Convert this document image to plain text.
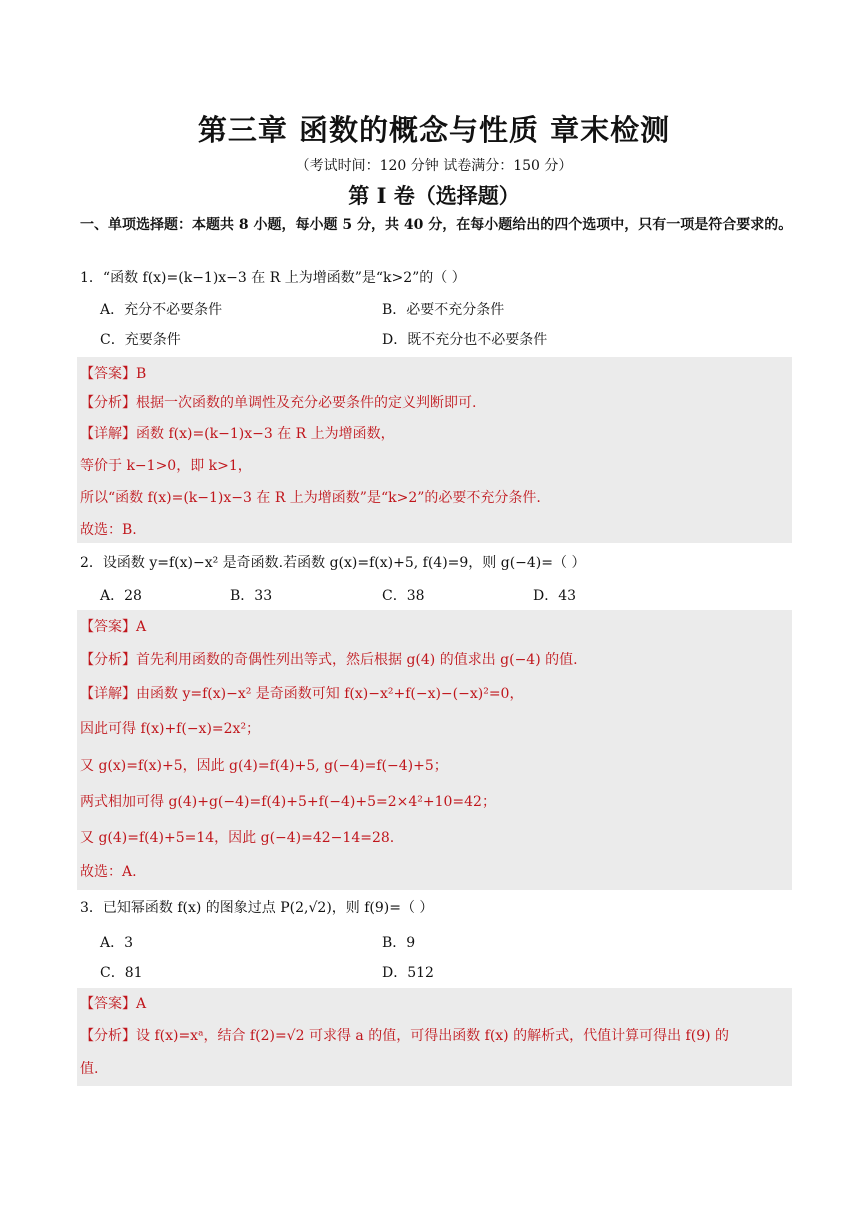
第三章 函数的概念与性质 章末检测
（考试时间：120 分钟 试卷满分：150 分）
第 I 卷（选择题）
一、单项选择题：本题共 8 小题，每小题 5 分，共 40 分，在每小题给出的四个选项中，只有一项是符合要求的。
1．“函数 f(x)=(k−1)x−3 在 R 上为增函数”是“k>2”的（ ）
A．充分不必要条件	B．必要不充分条件
C．充要条件	D．既不充分也不必要条件
【答案】B
【分析】根据一次函数的单调性及充分必要条件的定义判断即可.
【详解】函数 f(x)=(k−1)x−3 在 R 上为增函数，
等价于 k−1>0，即 k>1，
所以“函数 f(x)=(k−1)x−3 在 R 上为增函数”是“k>2”的必要不充分条件.
故选：B.
2．设函数 y=f(x)−x² 是奇函数.若函数 g(x)=f(x)+5, f(4)=9，则 g(−4)=（ ）
A．28	B．33	C．38	D．43
【答案】A
【分析】首先利用函数的奇偶性列出等式，然后根据 g(4) 的值求出 g(−4) 的值.
【详解】由函数 y=f(x)−x² 是奇函数可知 f(x)−x²+f(−x)−(−x)²=0，
因此可得 f(x)+f(−x)=2x²；
又 g(x)=f(x)+5，因此 g(4)=f(4)+5, g(−4)=f(−4)+5；
两式相加可得 g(4)+g(−4)=f(4)+5+f(−4)+5=2×4²+10=42；
又 g(4)=f(4)+5=14，因此 g(−4)=42−14=28.
故选：A.
3．已知幂函数 f(x) 的图象过点 P(2,√2)，则 f(9)=（ ）
A．3	B．9
C．81	D．512
【答案】A
【分析】设 f(x)=xᵃ，结合 f(2)=√2 可求得 a 的值，可得出函数 f(x) 的解析式，代值计算可得出 f(9) 的
值.
